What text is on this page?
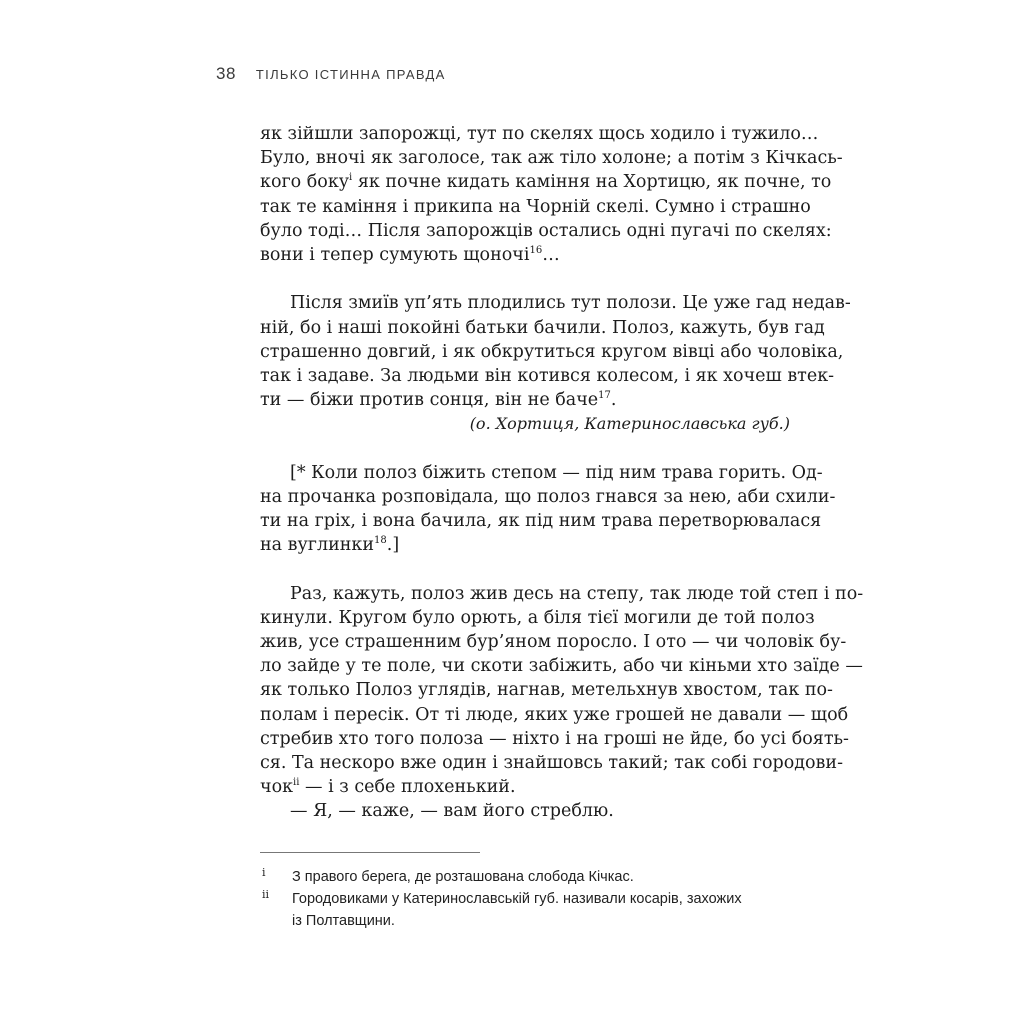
38 ТІЛЬКО ІСТИННА ПРАВДА
як зійшли запорожці, тут по скелях щось ходило і тужило…
Було, вночі як заголосе, так аж тіло холоне; а потім з Кічкась-
кого боку$^i$ як почне кидать каміння на Хортицю, як почне, то
так те каміння і прикипа на Чорній скелі. Сумно і страшно
було тоді… Після запорожців остались одні пугачі по скелях:
вони і тепер сумують щоночі$^{16}$…
Після змиїв уп’ять плодились тут полози. Це уже гад недав-
ній, бо і наші покойні батьки бачили. Полоз, кажуть, був гад
страшенно довгий, і як обкрутиться кругом вівці або чоловіка,
так і задаве. За людьми він котився колесом, і як хочеш втек-
ти — біжи против сонця, він не баче$^{17}$.
(о. Хортиця, Катеринославська губ.)
[* Коли полоз біжить степом — під ним трава горить. Од-
на прочанка розповідала, що полоз гнався за нею, аби схили-
ти на гріх, і вона бачила, як під ним трава перетворювалася
на вуглинки$^{18}$.]
Раз, кажуть, полоз жив десь на степу, так люде той степ і по-
кинули. Кругом було орють, а біля тієї могили де той полоз
жив, усе страшенним бур’яном поросло. І ото — чи чоловік бу-
ло зайде у те поле, чи скоти забіжить, або чи кіньми хто заїде —
як только Полоз углядів, нагнав, метельхнув хвостом, так по-
полам і пересік. От ті люде, яких уже грошей не давали — щоб
стребив хто того полоза — ніхто і на гроші не йде, бо усі боять-
ся. Та нескоро вже один і знайшовсь такий; так собі городови-
чок$^{ii}$ — і з себе плохенький.
— Я, — каже, — вам його стреблю.
i З правого берега, де розташована слобода Кічкас.
ii Городовиками у Катеринославській губ. називали косарів, захожих
із Полтавщини.
